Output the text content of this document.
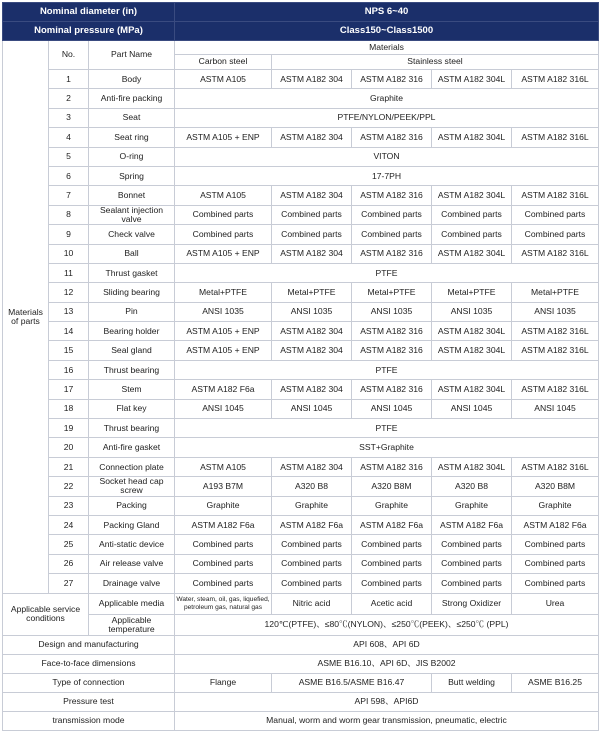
Nominal diameter (in)			NPS 6~40				
Nominal pressure (MPa)			Class150~Class1500				
Materials of parts	No.	Part Name	Materials				
			Carbon steel	Stainless steel			
	1	Body	ASTM A105	ASTM A182 304	ASTM A182 316	ASTM A182 304L	ASTM A182 316L
	2	Anti-fire packing	Graphite				
	3	Seat	PTFE/NYLON/PEEK/PPL				
	4	Seat ring	ASTM A105 + ENP	ASTM A182 304	ASTM A182 316	ASTM A182 304L	ASTM A182 316L
	5	O-ring	VITON				
	6	Spring	17-7PH				
	7	Bonnet	ASTM A105	ASTM A182 304	ASTM A182 316	ASTM A182 304L	ASTM A182 316L
	8	Sealant injection valve	Combined parts	Combined parts	Combined parts	Combined parts	Combined parts
	9	Check valve	Combined parts	Combined parts	Combined parts	Combined parts	Combined parts
	10	Ball	ASTM A105 + ENP	ASTM A182 304	ASTM A182 316	ASTM A182 304L	ASTM A182 316L
	11	Thrust gasket	PTFE				
	12	Sliding bearing	Metal+PTFE	Metal+PTFE	Metal+PTFE	Metal+PTFE	Metal+PTFE
	13	Pin	ANSI 1035	ANSI 1035	ANSI 1035	ANSI 1035	ANSI 1035
	14	Bearing holder	ASTM A105 + ENP	ASTM A182 304	ASTM A182 316	ASTM A182 304L	ASTM A182 316L
	15	Seal gland	ASTM A105 + ENP	ASTM A182 304	ASTM A182 316	ASTM A182 304L	ASTM A182 316L
	16	Thrust bearing	PTFE				
	17	Stem	ASTM A182 F6a	ASTM A182 304	ASTM A182 316	ASTM A182 304L	ASTM A182 316L
	18	Flat key	ANSI 1045	ANSI 1045	ANSI 1045	ANSI 1045	ANSI 1045
	19	Thrust bearing	PTFE				
	20	Anti-fire gasket	SST+Graphite				
	21	Connection plate	ASTM A105	ASTM A182 304	ASTM A182 316	ASTM A182 304L	ASTM A182 316L
	22	Socket head cap screw	A193 B7M	A320 B8	A320 B8M	A320 B8	A320 B8M
	23	Packing	Graphite	Graphite	Graphite	Graphite	Graphite
	24	Packing Gland	ASTM A182 F6a	ASTM A182 F6a	ASTM A182 F6a	ASTM A182 F6a	ASTM A182 F6a
	25	Anti-static device	Combined parts	Combined parts	Combined parts	Combined parts	Combined parts
	26	Air release valve	Combined parts	Combined parts	Combined parts	Combined parts	Combined parts
	27	Drainage valve	Combined parts	Combined parts	Combined parts	Combined parts	Combined parts
Applicable service conditions		Applicable media	Water, steam, oil, gas, liquefied, petroleum gas, natural gas	Nitric acid	Acetic acid	Strong Oxidizer	Urea
		Applicable temperature	120℃(PTFE)、≤80℃(NYLON)、≤250℃(PEEK)、≤250℃ (PPL)				
Design and manufacturing			API 608、API 6D				
Face-to-face dimensions			ASME B16.10、API 6D、JIS B2002				
Type of connection			Flange	ASME B16.5/ASME B16.47		Butt welding	ASME B16.25
Pressure test			API 598、API6D				
transmission mode			Manual, worm and worm gear transmission, pneumatic, electric				
